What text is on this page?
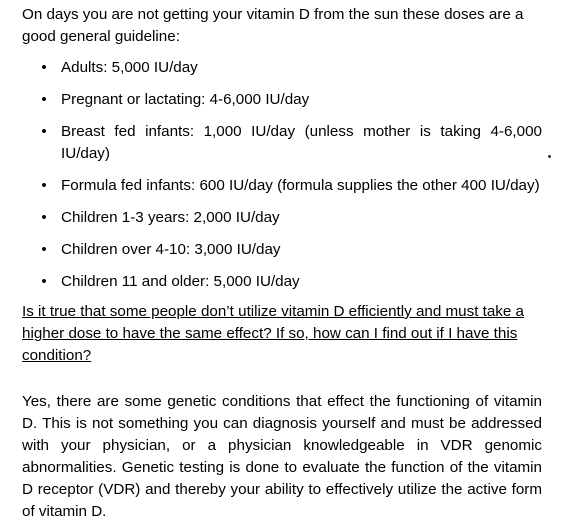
On days you are not getting your vitamin D from the sun these doses are a good general guideline:

• Adults: 5,000 IU/day
• Pregnant or lactating: 4-6,000 IU/day
• Breast fed infants: 1,000 IU/day (unless mother is taking 4-6,000 IU/day)
• Formula fed infants: 600 IU/day (formula supplies the other 400 IU/day)
• Children 1-3 years: 2,000 IU/day
• Children over 4-10: 3,000 IU/day
• Children 11 and older: 5,000 IU/day

Is it true that some people don’t utilize vitamin D efficiently and must take a higher dose to have the same effect? If so, how can I find out if I have this condition?

Yes, there are some genetic conditions that effect the functioning of vitamin D. This is not something you can diagnosis yourself and must be addressed with your physician, or a physician knowledgeable in VDR genomic abnormalities. Genetic testing is done to evaluate the function of the vitamin D receptor (VDR) and thereby your ability to effectively utilize the active form of vitamin D.
